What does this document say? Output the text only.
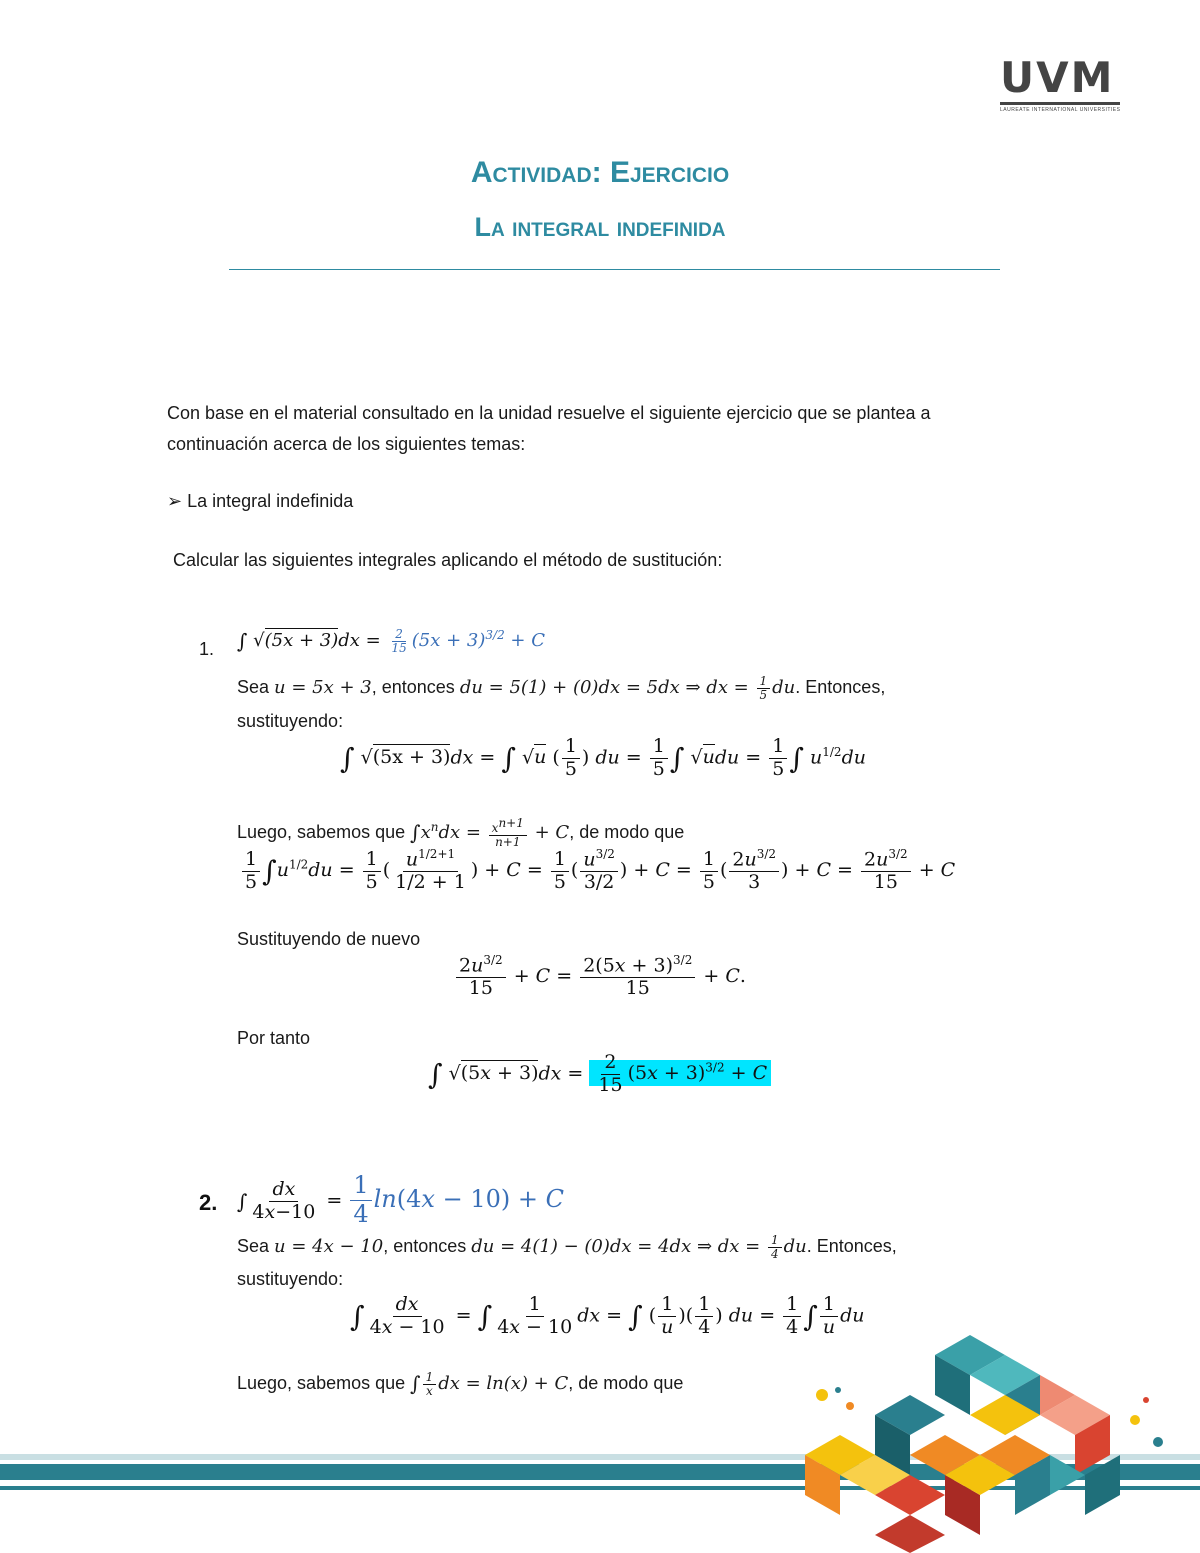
UVM
LAUREATE INTERNATIONAL UNIVERSITIES
Actividad: Ejercicio
La integral indefinida
Con base en el material consultado en la unidad resuelve el siguiente ejercicio que se plantea a
continuación acerca de los siguientes temas:
➢ La integral indefinida
Calcular las siguientes integrales aplicando el método de sustitución:
1. ∫ $√(5x + 3)dx = \frac{2}{15} (5x + 3)^{3/2} + C$
Sea u = 5x + 3, entonces du = 5(1) + (0)dx = 5dx ⇒ dx = $\frac{1}{5}$ du. Entonces,
sustituyendo:
∫ √(5x + 3)dx = ∫ √u ( $\frac{1}{5}$ ) du = $\frac{1}{5}$ ∫ $√udu = \frac{1}{5}$ ∫ $u^{1/2}du$
Luego, sabemos que $\int x^ndx = \frac{x^{n+1}}{n+1} + C$, de modo que
$\frac{1}{5} \int u^{1/2}du = \frac{1}{5}$ ( $\frac{u^{1/2+1}}{1/2 + 1}$ ) + $C = \frac{1}{5}$ ( $\frac{u^{3/2}}{3/2}$ ) + $C = \frac{1}{5}$ ( $\frac{2u^{3/2}}{3}$ ) + $C = \frac{2u^{3/2}}{15} + C$
Sustituyendo de nuevo
$\frac{2u^{3/2}}{15} + C = \frac{2(5x + 3)^{3/2}}{15} + C$.
Por tanto
∫ $√(5x + 3)dx = \frac{2}{15} (5x + 3)^{3/2} + C$
2. ∫ $\frac{dx}{4x-10} = \frac{1}{4} \ln(4x - 10) + C$
Sea u = 4x − 10, entonces du = 4(1) − (0)dx = 4dx ⇒ dx = $\frac{1}{4}$ du. Entonces,
sustituyendo:
∫ $\frac{dx}{4x - 10}$ = ∫ $\frac{1}{4x - 10}$ dx = ∫ ( $\frac{1}{u}$ )( $\frac{1}{4}$ ) du = $\frac{1}{4}$ ∫ $\frac{1}{u}$ du
Luego, sabemos que ∫ $\frac{1}{x}$ dx = ln(x) + C, de modo que
